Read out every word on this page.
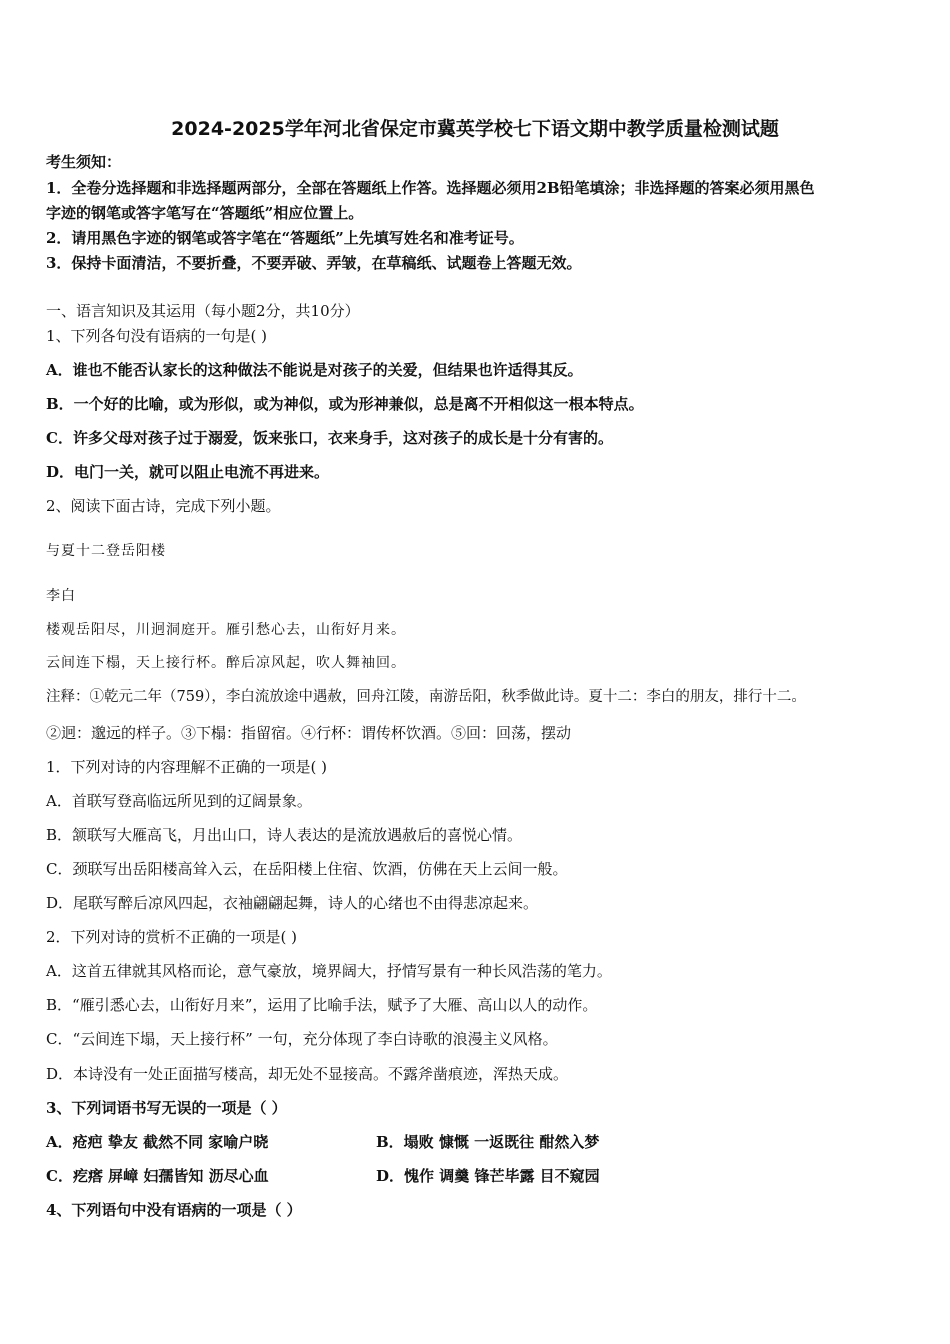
2024-2025学年河北省保定市冀英学校七下语文期中教学质量检测试题
考生须知：
1．全卷分选择题和非选择题两部分，全部在答题纸上作答。选择题必须用2B铅笔填涂；非选择题的答案必须用黑色
字迹的钢笔或答字笔写在“答题纸”相应位置上。
2．请用黑色字迹的钢笔或答字笔在“答题纸”上先填写姓名和准考证号。
3．保持卡面清洁，不要折叠，不要弄破、弄皱，在草稿纸、试题卷上答题无效。
一、语言知识及其运用（每小题2分，共10分）
1、下列各句没有语病的一句是( )
A．谁也不能否认家长的这种做法不能说是对孩子的关爱，但结果也许适得其反。
B．一个好的比喻，或为形似，或为神似，或为形神兼似，总是离不开相似这一根本特点。
C．许多父母对孩子过于溺爱，饭来张口，衣来身手，这对孩子的成长是十分有害的。
D．电门一关，就可以阻止电流不再进来。
2、阅读下面古诗，完成下列小题。
与夏十二登岳阳楼
李白
楼观岳阳尽，川迥洞庭开。雁引愁心去，山衔好月来。
云间连下榻，天上接行杯。醉后凉风起，吹人舞袖回。
注释：①乾元二年（759），李白流放途中遇赦，回舟江陵，南游岳阳，秋季做此诗。夏十二：李白的朋友，排行十二。
②迥：邈远的样子。③下榻：指留宿。④行杯：谓传杯饮酒。⑤回：回荡，摆动
1．下列对诗的内容理解不正确的一项是( )
A．首联写登高临远所见到的辽阔景象。
B．颔联写大雁高飞，月出山口，诗人表达的是流放遇赦后的喜悦心情。
C．颈联写出岳阳楼高耸入云，在岳阳楼上住宿、饮酒，仿佛在天上云间一般。
D．尾联写醉后凉风四起，衣袖翩翩起舞，诗人的心绪也不由得悲凉起来。
2．下列对诗的赏析不正确的一项是( )
A．这首五律就其风格而论，意气豪放，境界阔大，抒情写景有一种长风浩荡的笔力。
B．“雁引悉心去，山衔好月来”，运用了比喻手法，赋予了大雁、高山以人的动作。
C．“云间连下塌，天上接行杯” 一句，充分体现了李白诗歌的浪漫主义风格。
D．本诗没有一处正面描写楼高，却无处不显接高。不露斧凿痕迹，浑热天成。
3、下列词语书写无误的一项是（ ）
A．疮疤 挚友 截然不同 家喻户晓	B．塌败 慷慨 一返既往 酣然入梦
C．疙瘩 屏嶂 妇孺皆知 沥尽心血	D．愧作 调羹 锋芒毕露 目不窥园
4、下列语句中没有语病的一项是（ ）
